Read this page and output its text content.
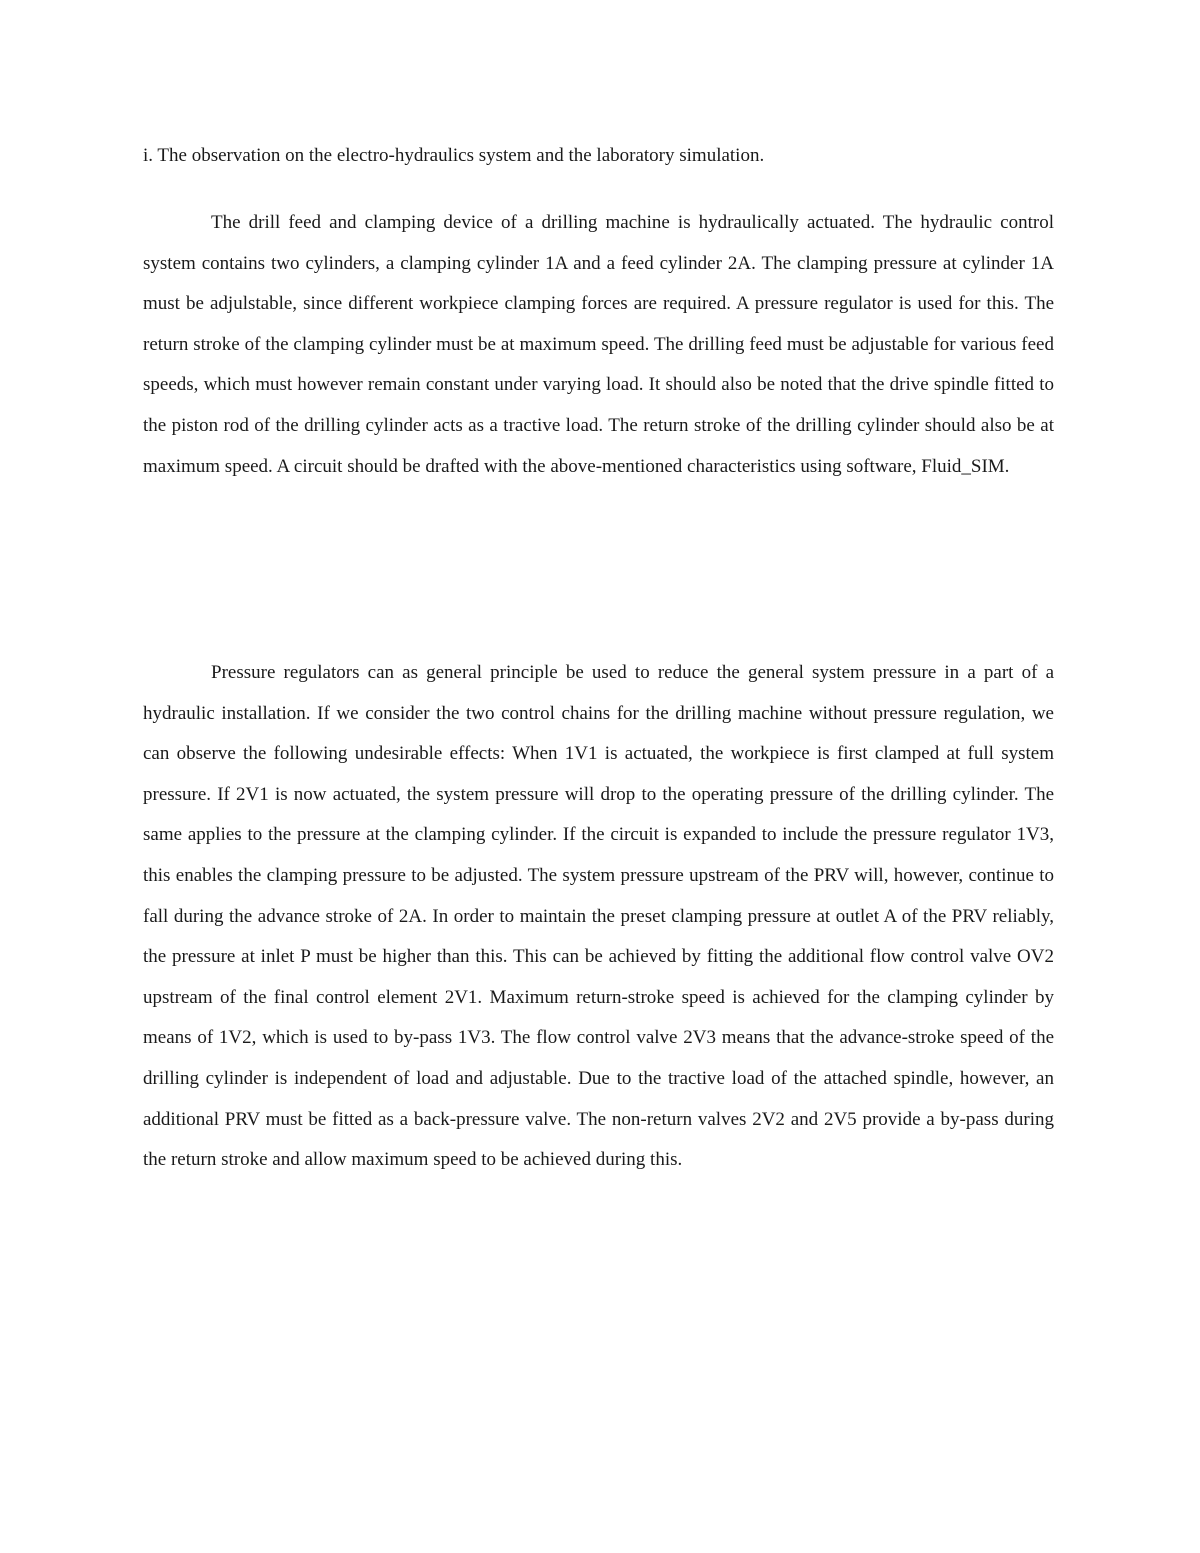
i. The observation on the electro-hydraulics system and the laboratory simulation.

The drill feed and clamping device of a drilling machine is hydraulically actuated. The hydraulic control system contains two cylinders, a clamping cylinder 1A and a feed cylinder 2A. The clamping pressure at cylinder 1A must be adjulstable, since different workpiece clamping forces are required. A pressure regulator is used for this. The return stroke of the clamping cylinder must be at maximum speed. The drilling feed must be adjustable for various feed speeds, which must however remain constant under varying load. It should also be noted that the drive spindle fitted to the piston rod of the drilling cylinder acts as a tractive load. The return stroke of the drilling cylinder should also be at maximum speed. A circuit should be drafted with the above-mentioned characteristics using software, Fluid_SIM.

Pressure regulators can as general principle be used to reduce the general system pressure in a part of a hydraulic installation. If we consider the two control chains for the drilling machine without pressure regulation, we can observe the following undesirable effects: When 1V1 is actuated, the workpiece is first clamped at full system pressure. If 2V1 is now actuated, the system pressure will drop to the operating pressure of the drilling cylinder. The same applies to the pressure at the clamping cylinder. If the circuit is expanded to include the pressure regulator 1V3, this enables the clamping pressure to be adjusted. The system pressure upstream of the PRV will, however, continue to fall during the advance stroke of 2A. In order to maintain the preset clamping pressure at outlet A of the PRV reliably, the pressure at inlet P must be higher than this. This can be achieved by fitting the additional flow control valve OV2 upstream of the final control element 2V1. Maximum return-stroke speed is achieved for the clamping cylinder by means of 1V2, which is used to by-pass 1V3. The flow control valve 2V3 means that the advance-stroke speed of the drilling cylinder is independent of load and adjustable. Due to the tractive load of the attached spindle, however, an additional PRV must be fitted as a back-pressure valve. The non-return valves 2V2 and 2V5 provide a by-pass during the return stroke and allow maximum speed to be achieved during this.
